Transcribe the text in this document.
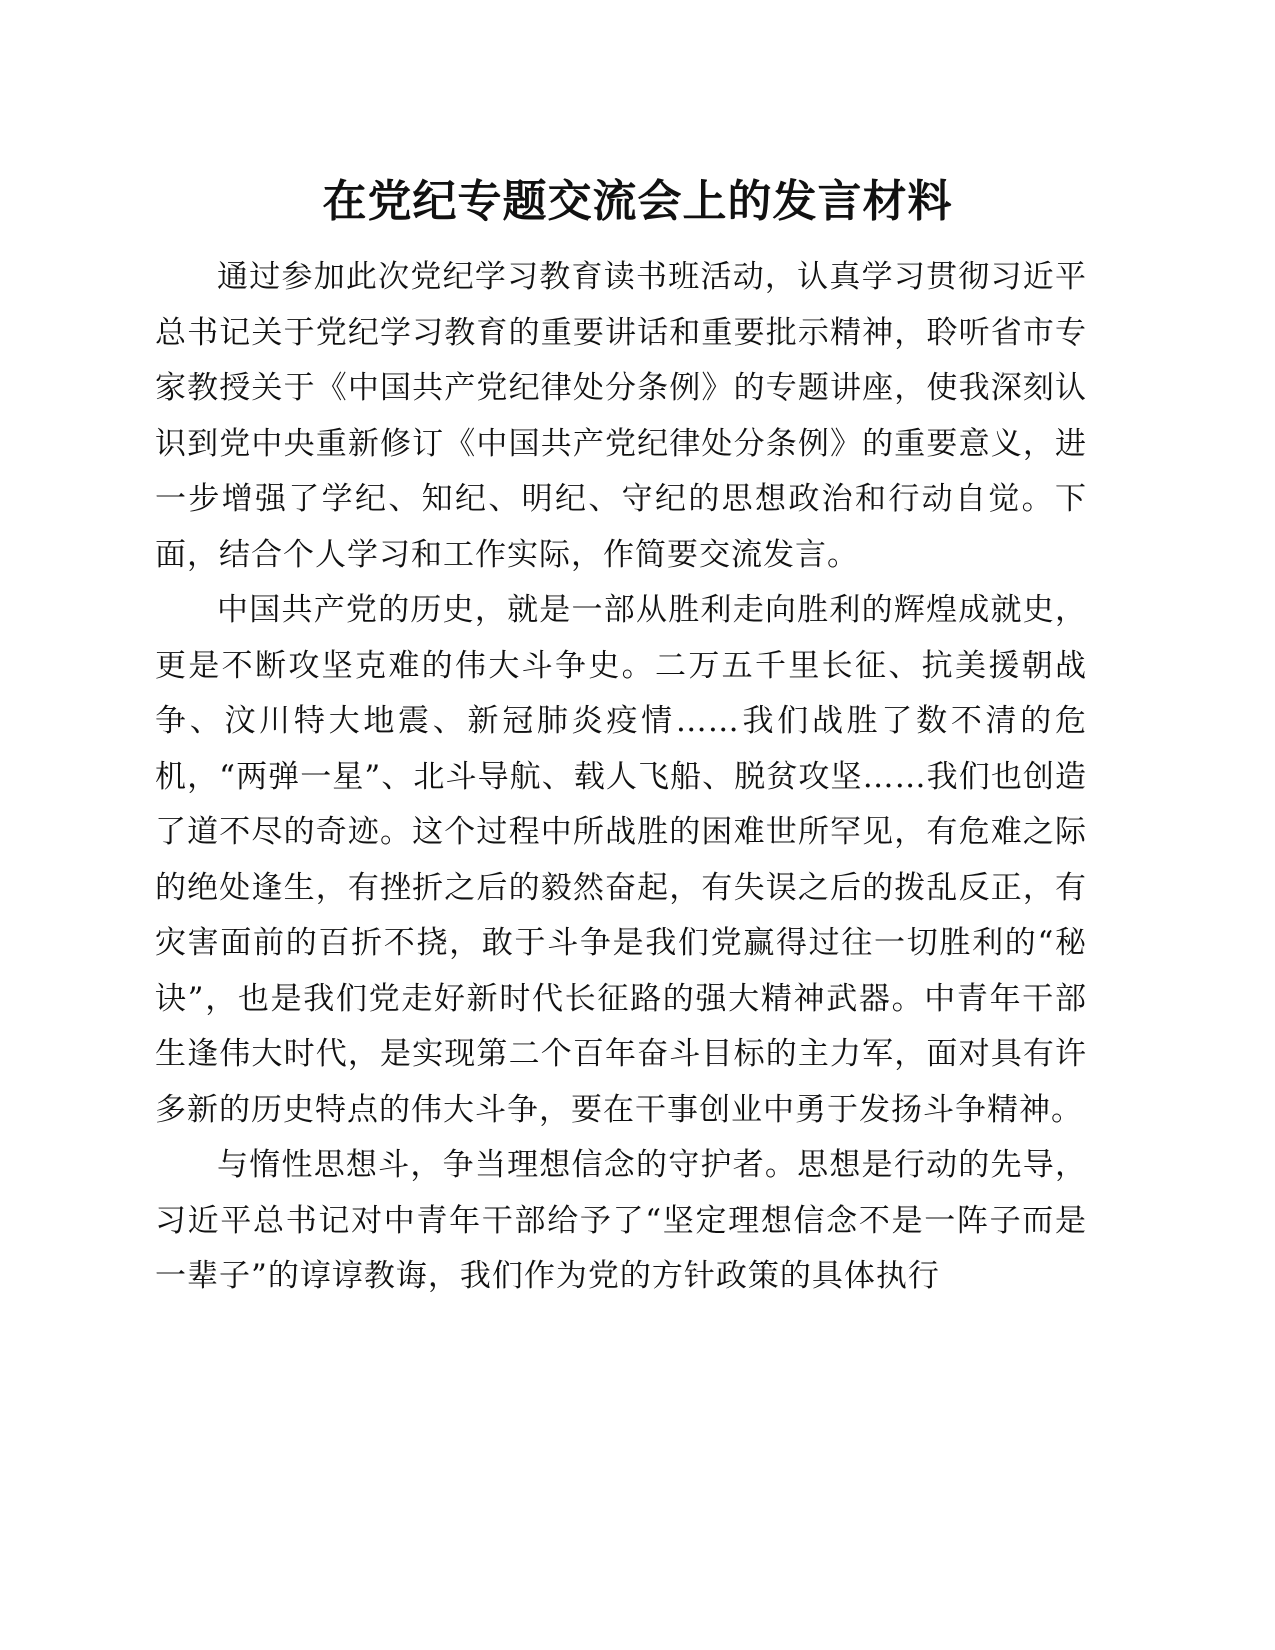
在党纪专题交流会上的发言材料

通过参加此次党纪学习教育读书班活动，认真学习贯彻习近平总书记关于党纪学习教育的重要讲话和重要批示精神，聆听省市专家教授关于《中国共产党纪律处分条例》的专题讲座，使我深刻认识到党中央重新修订《中国共产党纪律处分条例》的重要意义，进一步增强了学纪、知纪、明纪、守纪的思想政治和行动自觉。下面，结合个人学习和工作实际，作简要交流发言。

中国共产党的历史，就是一部从胜利走向胜利的辉煌成就史，更是不断攻坚克难的伟大斗争史。二万五千里长征、抗美援朝战争、汶川特大地震、新冠肺炎疫情……我们战胜了数不清的危机，“两弹一星”、北斗导航、载人飞船、脱贫攻坚……我们也创造了道不尽的奇迹。这个过程中所战胜的困难世所罕见，有危难之际的绝处逢生，有挫折之后的毅然奋起，有失误之后的拨乱反正，有灾害面前的百折不挠，敢于斗争是我们党赢得过往一切胜利的“秘诀”，也是我们党走好新时代长征路的强大精神武器。中青年干部生逢伟大时代，是实现第二个百年奋斗目标的主力军，面对具有许多新的历史特点的伟大斗争，要在干事创业中勇于发扬斗争精神。

与惰性思想斗，争当理想信念的守护者。思想是行动的先导，习近平总书记对中青年干部给予了“坚定理想信念不是一阵子而是一辈子”的谆谆教诲，我们作为党的方针政策的具体执行
